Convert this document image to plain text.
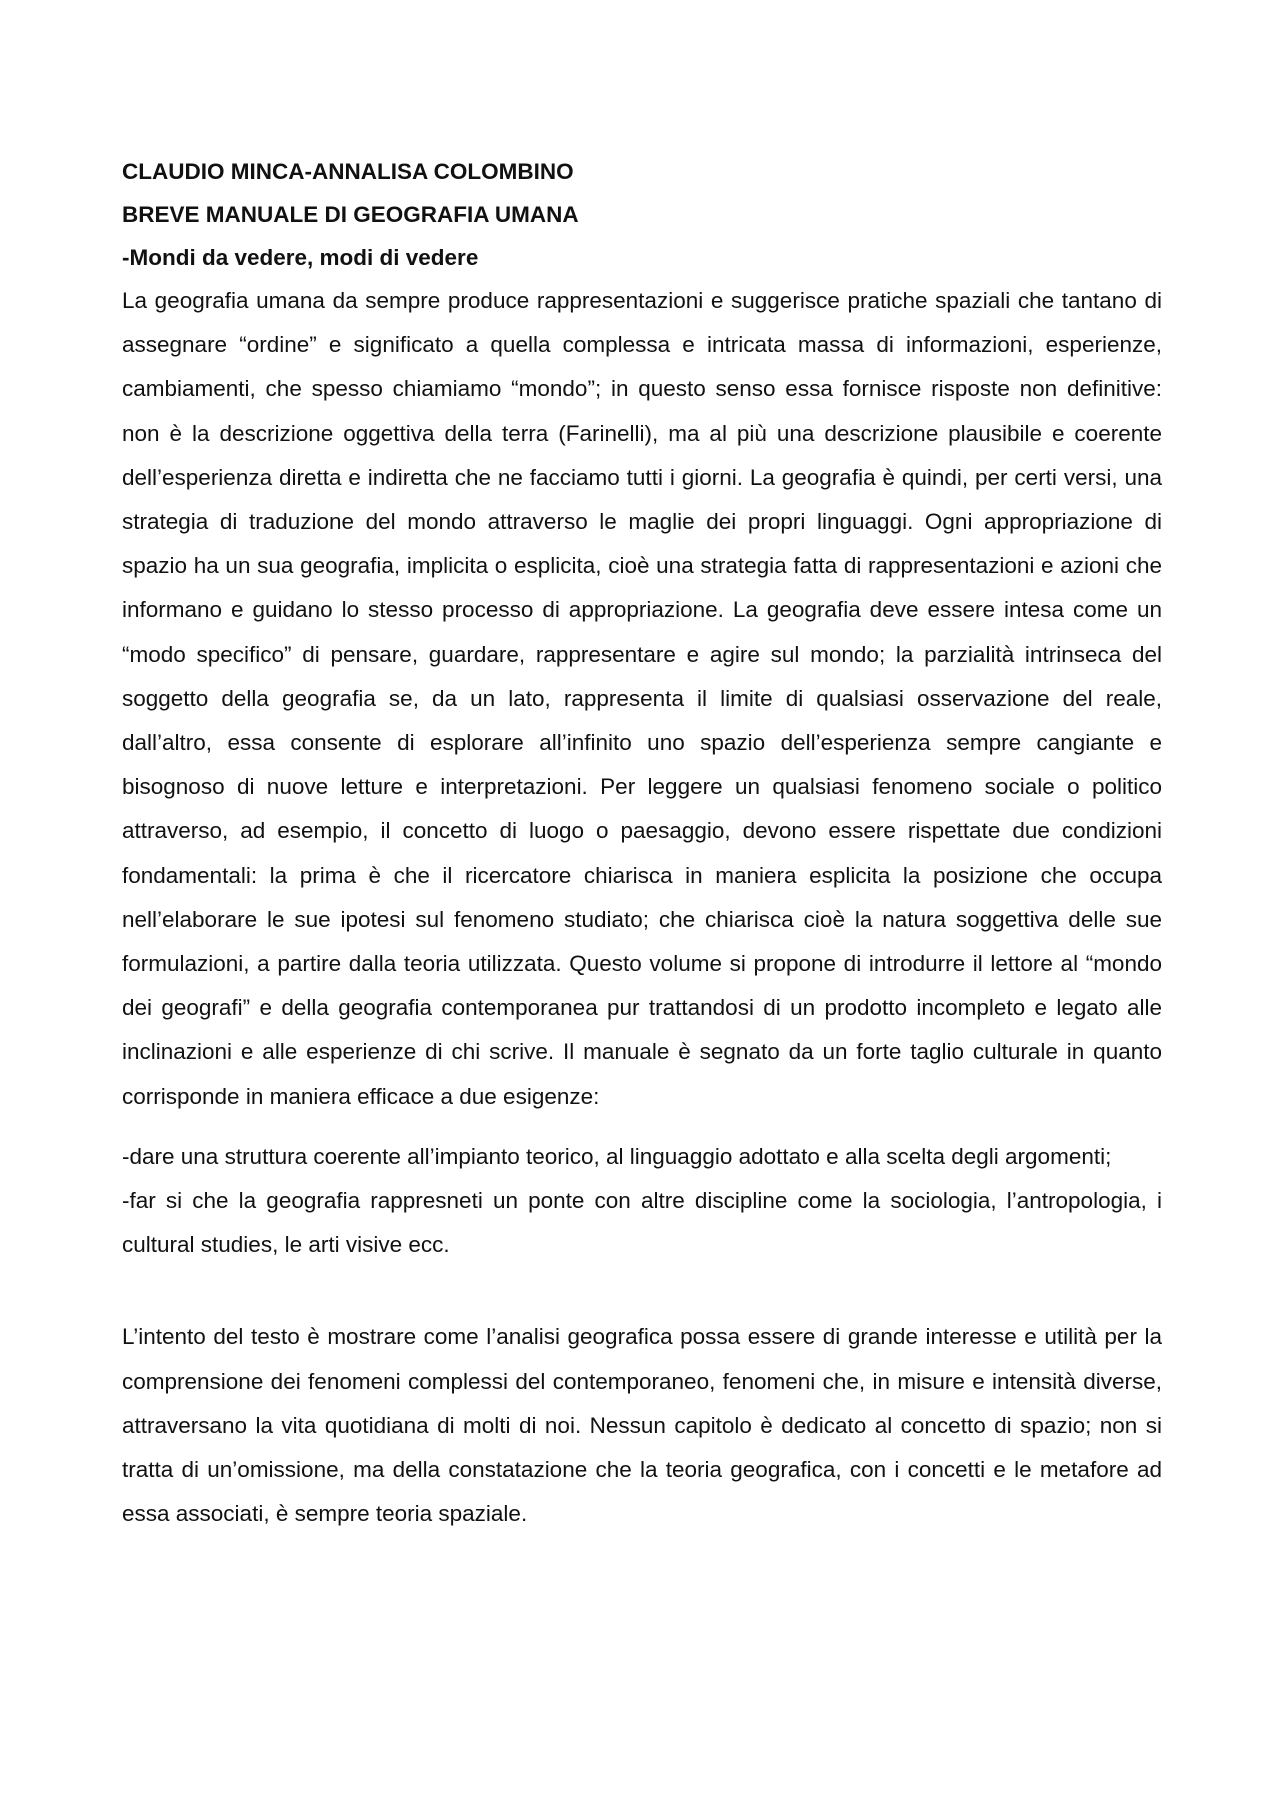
CLAUDIO MINCA-ANNALISA COLOMBINO

BREVE MANUALE DI GEOGRAFIA UMANA

-Mondi da vedere, modi di vedere

La geografia umana da sempre produce rappresentazioni e suggerisce pratiche spaziali che tantano di assegnare “ordine” e significato a quella complessa e intricata massa di informazioni, esperienze, cambiamenti, che spesso chiamiamo “mondo”; in questo senso essa fornisce risposte non definitive: non è la descrizione oggettiva della terra (Farinelli), ma al più una descrizione plausibile e coerente dell’esperienza diretta e indiretta che ne facciamo tutti i giorni. La geografia è quindi, per certi versi, una strategia di traduzione del mondo attraverso le maglie dei propri linguaggi. Ogni appropriazione di spazio ha un sua geografia, implicita o esplicita, cioè una strategia fatta di rappresentazioni e azioni che informano e guidano lo stesso processo di appropriazione. La geografia deve essere intesa come un “modo specifico” di pensare, guardare, rappresentare e agire sul mondo; la parzialità intrinseca del soggetto della geografia se, da un lato, rappresenta il limite di qualsiasi osservazione del reale, dall’altro, essa consente di esplorare all’infinito uno spazio dell’esperienza sempre cangiante e bisognoso di nuove letture e interpretazioni. Per leggere un qualsiasi fenomeno sociale o politico attraverso, ad esempio, il concetto di luogo o paesaggio, devono essere rispettate due condizioni fondamentali: la prima è che il ricercatore chiarisca in maniera esplicita la posizione che occupa nell’elaborare le sue ipotesi sul fenomeno studiato; che chiarisca cioè la natura soggettiva delle sue formulazioni, a partire dalla teoria utilizzata. Questo volume si propone di introdurre il lettore al “mondo dei geografi” e della geografia contemporanea pur trattandosi di un prodotto incompleto e legato alle inclinazioni e alle esperienze di chi scrive. Il manuale è segnato da un forte taglio culturale in quanto corrisponde in maniera efficace a due esigenze:

-dare una struttura coerente all’impianto teorico, al linguaggio adottato e alla scelta degli argomenti;

-far si che la geografia rappresneti un ponte con altre discipline come la sociologia, l’antropologia, i cultural studies, le arti visive ecc.

L’intento del testo è mostrare come l’analisi geografica possa essere di grande interesse e utilità per la comprensione dei fenomeni complessi del contemporaneo, fenomeni che, in misure e intensità diverse, attraversano la vita quotidiana di molti di noi. Nessun capitolo è dedicato al concetto di spazio; non si tratta di un’omissione, ma della constatazione che la teoria geografica, con i concetti e le metafore ad essa associati, è sempre teoria spaziale.
